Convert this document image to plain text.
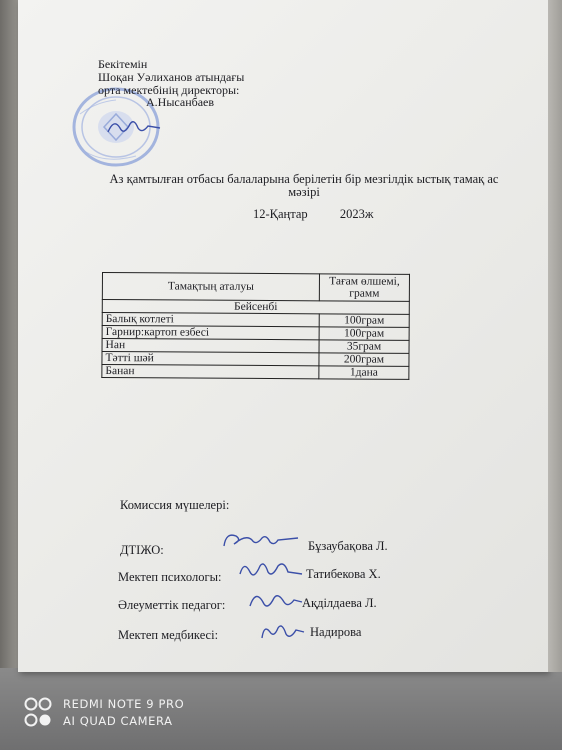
Бекітемін
Шоқан Уәлиханов атындағы
орта мектебінің директоры:
А.Нысанбаев
Аз қамтылған отбасы балаларына берілетін бір мезгілдік ыстық тамақ ас мәзірі
12-Қаңтар	2023ж
Тамақтың аталуы	Тағам өлшемі, грамм
Бейсенбі	
Балық котлеті	100грам
Гарнир:картоп езбесі	100грам
Нан	35грам
Тәтті шәй	200грам
Банан	1дана
Комиссия мүшелері:
ДТІЖО:	Бұзаубақова Л.
Мектеп психологы:	Татибекова Х.
Әлеуметтік педагог:	Ақділдаева Л.
Мектеп медбикесі:	Надирова
REDMI NOTE 9 PRO
AI QUAD CAMERA
